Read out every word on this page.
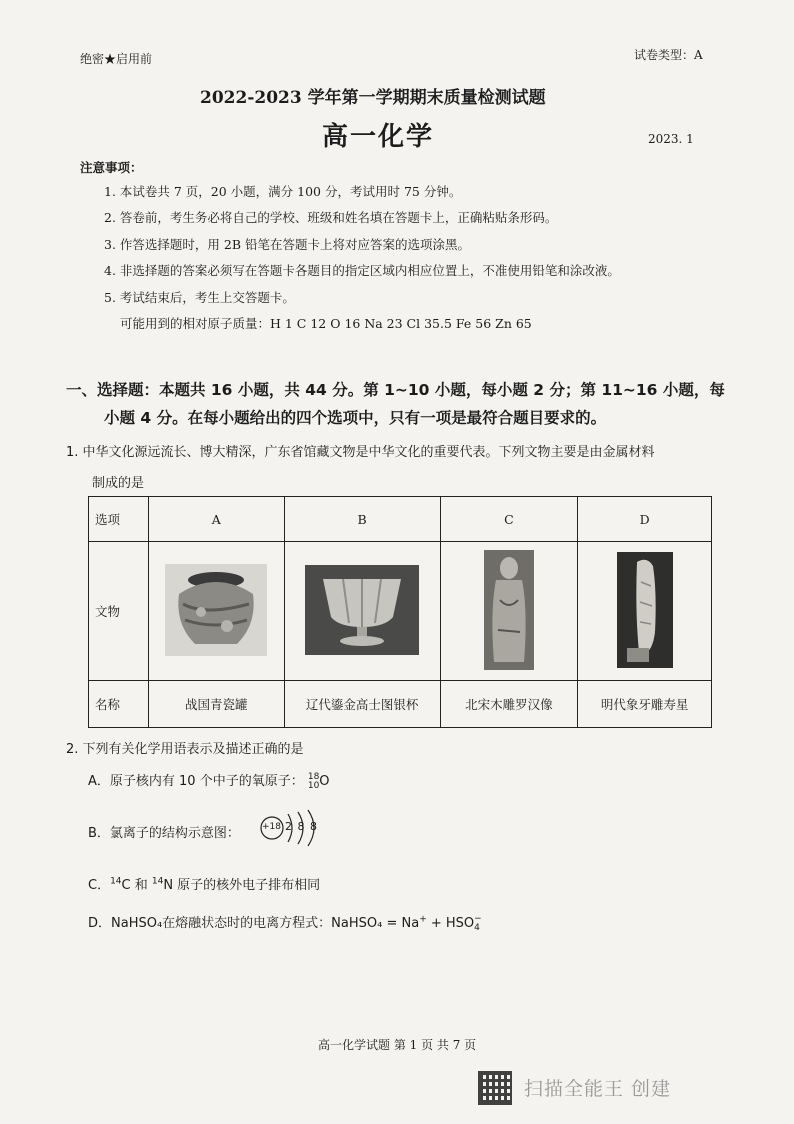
绝密★启用前	试卷类型：A
2022-2023 学年第一学期期末质量检测试题
高一化学	2023. 1
注意事项：
1. 本试卷共 7 页，20 小题，满分 100 分，考试用时 75 分钟。
2. 答卷前，考生务必将自己的学校、班级和姓名填在答题卡上，正确粘贴条形码。
3. 作答选择题时，用 2B 铅笔在答题卡上将对应答案的选项涂黑。
4. 非选择题的答案必须写在答题卡各题目的指定区域内相应位置上，不准使用铅笔和涂改液。
5. 考试结束后，考生上交答题卡。
可能用到的相对原子质量：H 1 C 12 O 16 Na 23 Cl 35.5 Fe 56 Zn 65
一、选择题：本题共 16 小题，共 44 分。第 1~10 小题，每小题 2 分；第 11~16 小题，每
小题 4 分。在每小题给出的四个选项中，只有一项是最符合题目要求的。
1. 中华文化源远流长、博大精深，广东省馆藏文物是中华文化的重要代表。下列文物主要是由金属材料
制成的是
选项	A	B	C	D
文物				
名称	战国青瓷罐	辽代鎏金高士图银杯	北宋木雕罗汉像	明代象牙雕寿星
2. 下列有关化学用语表示及描述正确的是
A．原子核内有 10 个中子的氧原子： 18
10 O
B．氯离子的结构示意图： +18 2 8 8
C．$^{14}$C 和 $^{14}$N 原子的核外电子排布相同
D．NaHSO₄在熔融状态时的电离方程式：NaHSO₄ = Na+ + HSO −
4
高一化学试题 第 1 页 共 7 页
扫描全能王 创建
